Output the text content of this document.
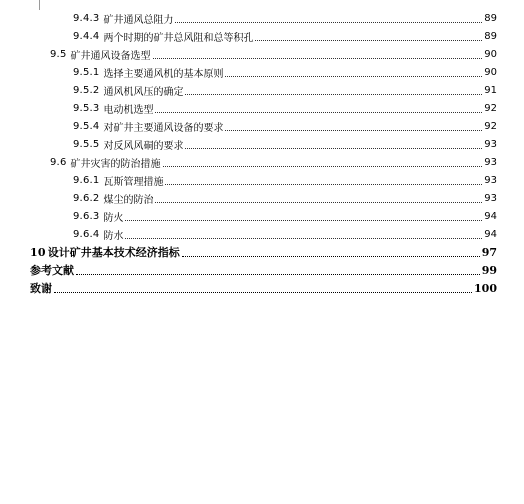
9.4.3 矿井通风总阻力	89
9.4.4 两个时期的矿井总风阻和总等积孔	89
9.5 矿井通风设备选型	90
9.5.1 选择主要通风机的基本原则	90
9.5.2 通风机风压的确定	91
9.5.3 电动机选型	92
9.5.4 对矿井主要通风设备的要求	92
9.5.5 对反风风硐的要求	93
9.6 矿井灾害的防治措施	93
9.6.1 瓦斯管理措施	93
9.6.2 煤尘的防治	93
9.6.3 防火	94
9.6.4 防水	94
10 设计矿井基本技术经济指标	97
参考文献	99
致谢	100
